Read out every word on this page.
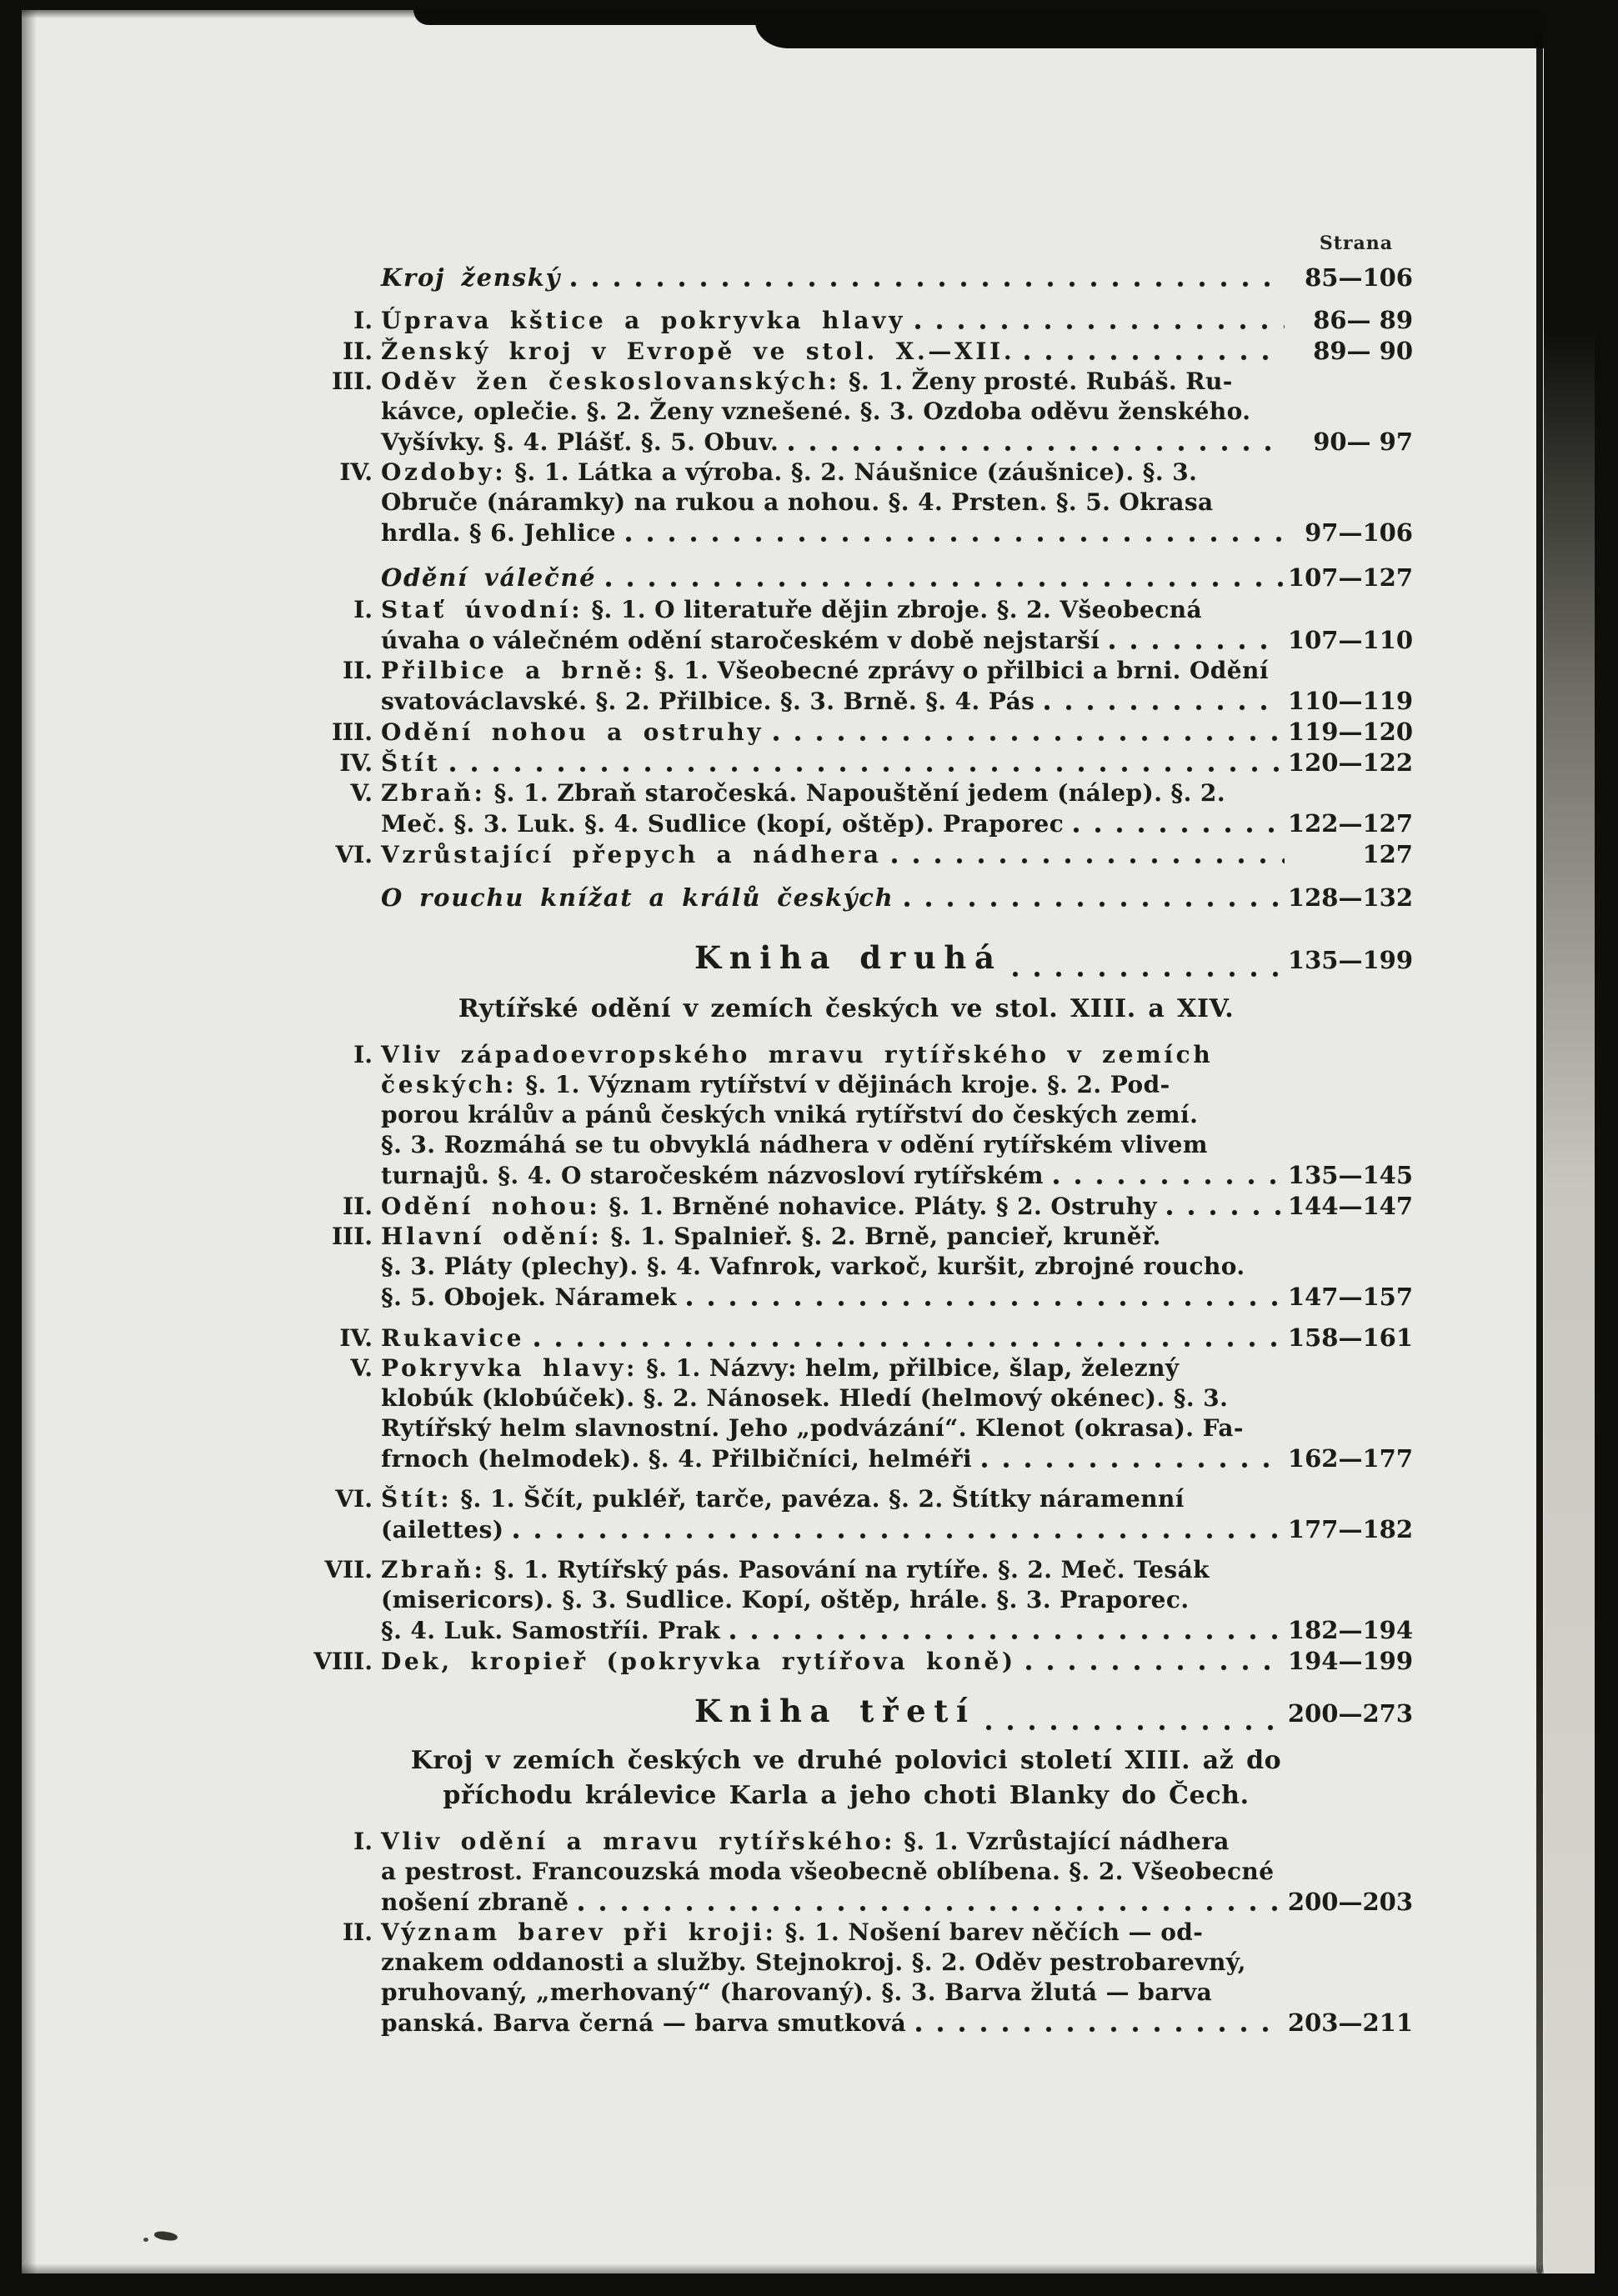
Strana
Kroj ženský	85—106
I. Úprava kštice a pokryvka hlavy	86— 89
II. Ženský kroj v Evropě ve stol. X.—XII.	89— 90
III. Oděv žen českoslovanských: §. 1. Ženy prosté. Rubáš. Ru-
kávce, oplečie. §. 2. Ženy vznešené. §. 3. Ozdoba oděvu ženského.
Vyšívky. §. 4. Plášť. §. 5. Obuv.	90— 97
IV. Ozdoby: §. 1. Látka a výroba. §. 2. Náušnice (záušnice). §. 3.
Obruče (náramky) na rukou a nohou. §. 4. Prsten. §. 5. Okrasa
hrdla. § 6. Jehlice	97—106
Odění válečné	107—127
I. Stať úvodní: §. 1. O literatuře dějin zbroje. §. 2. Všeobecná
úvaha o válečném odění staročeském v době nejstarší	107—110
II. Přilbice a brně: §. 1. Všeobecné zprávy o přilbici a brni. Odění
svatováclavské. §. 2. Přilbice. §. 3. Brně. §. 4. Pás	110—119
III. Odění nohou a ostruhy	119—120
IV. Štít	120—122
V. Zbraň: §. 1. Zbraň staročeská. Napouštění jedem (nálep). §. 2.
Meč. §. 3. Luk. §. 4. Sudlice (kopí, oštěp). Praporec	122—127
VI. Vzrůstající přepych a nádhera	127
O rouchu knížat a králů českých	128—132
Kniha druhá	135—199
Rytířské odění v zemích českých ve stol. XIII. a XIV.
I. Vliv západoevropského mravu rytířského v zemích
českých: §. 1. Význam rytířství v dějinách kroje. §. 2. Pod-
porou králův a pánů českých vniká rytířství do českých zemí.
§. 3. Rozmáhá se tu obvyklá nádhera v odění rytířském vlivem
turnajů. §. 4. O staročeském názvosloví rytířském	135—145
II. Odění nohou: §. 1. Brněné nohavice. Pláty. § 2. Ostruhy	144—147
III. Hlavní odění: §. 1. Spalnieř. §. 2. Brně, pancieř, kruněř.
§. 3. Pláty (plechy). §. 4. Vafnrok, varkoč, kuršit, zbrojné roucho.
§. 5. Obojek. Náramek	147—157
IV. Rukavice	158—161
V. Pokryvka hlavy: §. 1. Názvy: helm, přilbice, šlap, železný
klobúk (klobúček). §. 2. Nánosek. Hledí (helmový okénec). §. 3.
Rytířský helm slavnostní. Jeho „podvázání“. Klenot (okrasa). Fa-
frnoch (helmodek). §. 4. Přilbičníci, helméři	162—177
VI. Štít: §. 1. Ščít, pukléř, tarče, pavéza. §. 2. Štítky náramenní
(ailettes)	177—182
VII. Zbraň: §. 1. Rytířský pás. Pasování na rytíře. §. 2. Meč. Tesák
(misericors). §. 3. Sudlice. Kopí, oštěp, hrále. §. 3. Praporec.
§. 4. Luk. Samostříi. Prak	182—194
VIII. Dek, kropieř (pokryvka rytířova koně)	194—199
Kniha třetí	200—273
Kroj v zemích českých ve druhé polovici století XIII. až do
příchodu králevice Karla a jeho choti Blanky do Čech.
I. Vliv odění a mravu rytířského: §. 1. Vzrůstající nádhera
a pestrost. Francouzská moda všeobecně oblíbena. §. 2. Všeobecné
nošení zbraně	200—203
II. Význam barev při kroji: §. 1. Nošení barev něčích — od-
znakem oddanosti a služby. Stejnokroj. §. 2. Oděv pestrobarevný,
pruhovaný, „merhovaný“ (harovaný). §. 3. Barva žlutá — barva
panská. Barva černá — barva smutková	203—211
